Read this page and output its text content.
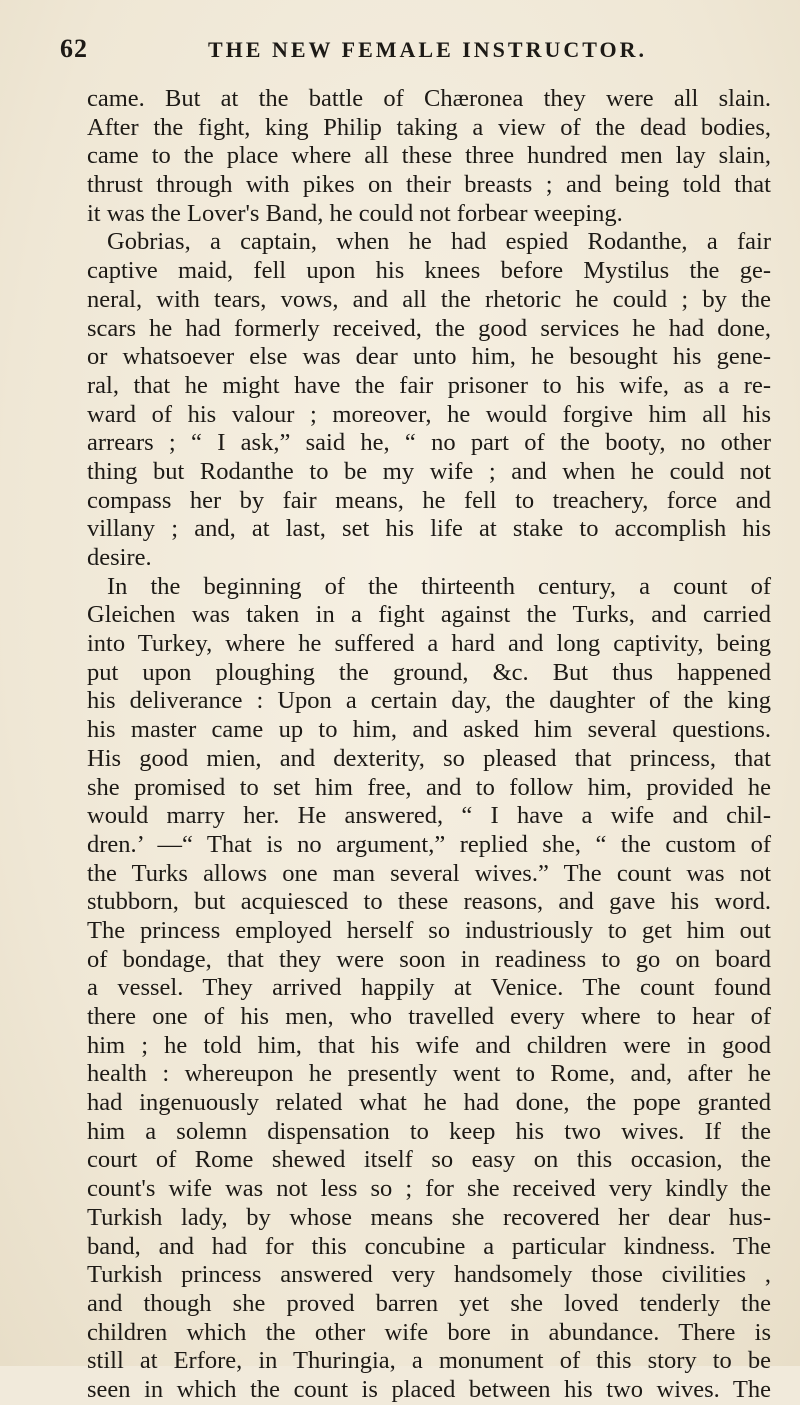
62	THE NEW FEMALE INSTRUCTOR.
came. But at the battle of Chæronea they were all slain.
After the fight, king Philip taking a view of the dead bodies,
came to the place where all these three hundred men lay slain,
thrust through with pikes on their breasts ; and being told that
it was the Lover's Band, he could not forbear weeping.
Gobrias, a captain, when he had espied Rodanthe, a fair
captive maid, fell upon his knees before Mystilus the ge-
neral, with tears, vows, and all the rhetoric he could ; by the
scars he had formerly received, the good services he had done,
or whatsoever else was dear unto him, he besought his gene-
ral, that he might have the fair prisoner to his wife, as a re-
ward of his valour ; moreover, he would forgive him all his
arrears ; “ I ask,” said he, “ no part of the booty, no other
thing but Rodanthe to be my wife ; and when he could not
compass her by fair means, he fell to treachery, force and
villany ; and, at last, set his life at stake to accomplish his
desire.
In the beginning of the thirteenth century, a count of
Gleichen was taken in a fight against the Turks, and carried
into Turkey, where he suffered a hard and long captivity, being
put upon ploughing the ground, &c. But thus happened
his deliverance : Upon a certain day, the daughter of the king
his master came up to him, and asked him several questions.
His good mien, and dexterity, so pleased that princess, that
she promised to set him free, and to follow him, provided he
would marry her. He answered, “ I have a wife and chil-
dren.’ —“ That is no argument,” replied she, “ the custom of
the Turks allows one man several wives.” The count was not
stubborn, but acquiesced to these reasons, and gave his word.
The princess employed herself so industriously to get him out
of bondage, that they were soon in readiness to go on board
a vessel. They arrived happily at Venice. The count found
there one of his men, who travelled every where to hear of
him ; he told him, that his wife and children were in good
health : whereupon he presently went to Rome, and, after he
had ingenuously related what he had done, the pope granted
him a solemn dispensation to keep his two wives. If the
court of Rome shewed itself so easy on this occasion, the
count's wife was not less so ; for she received very kindly the
Turkish lady, by whose means she recovered her dear hus-
band, and had for this concubine a particular kindness. The
Turkish princess answered very handsomely those civilities ,
and though she proved barren yet she loved tenderly the
children which the other wife bore in abundance. There is
still at Erfore, in Thuringia, a monument of this story to be
seen in which the count is placed between his two wives. The
